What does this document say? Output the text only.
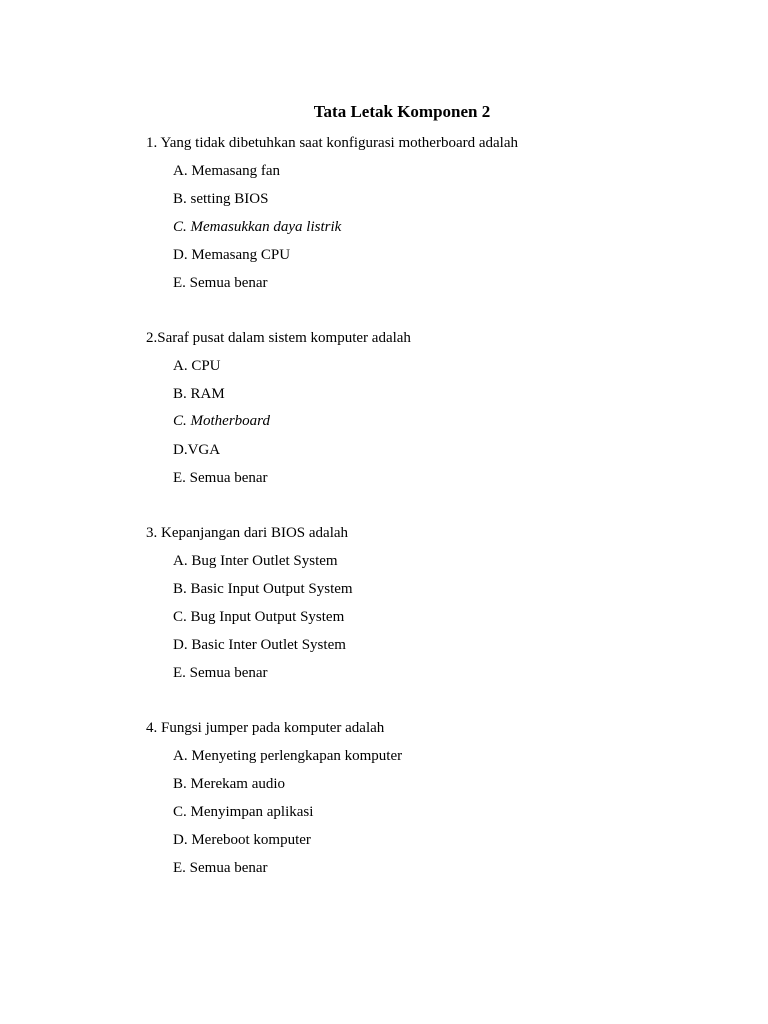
Tata Letak Komponen 2
1. Yang tidak dibetuhkan saat konfigurasi motherboard adalah
A. Memasang fan
B. setting BIOS
C. Memasukkan daya listrik
D. Memasang CPU
E. Semua benar
2.Saraf pusat dalam sistem komputer adalah
A. CPU
B. RAM
C. Motherboard
D.VGA
E. Semua benar
3. Kepanjangan dari BIOS adalah
A. Bug Inter Outlet System
B. Basic Input Output System
C. Bug Input Output System
D. Basic Inter Outlet System
E. Semua benar
4. Fungsi jumper pada komputer adalah
A. Menyeting perlengkapan komputer
B. Merekam audio
C. Menyimpan aplikasi
D. Mereboot komputer
E. Semua benar
